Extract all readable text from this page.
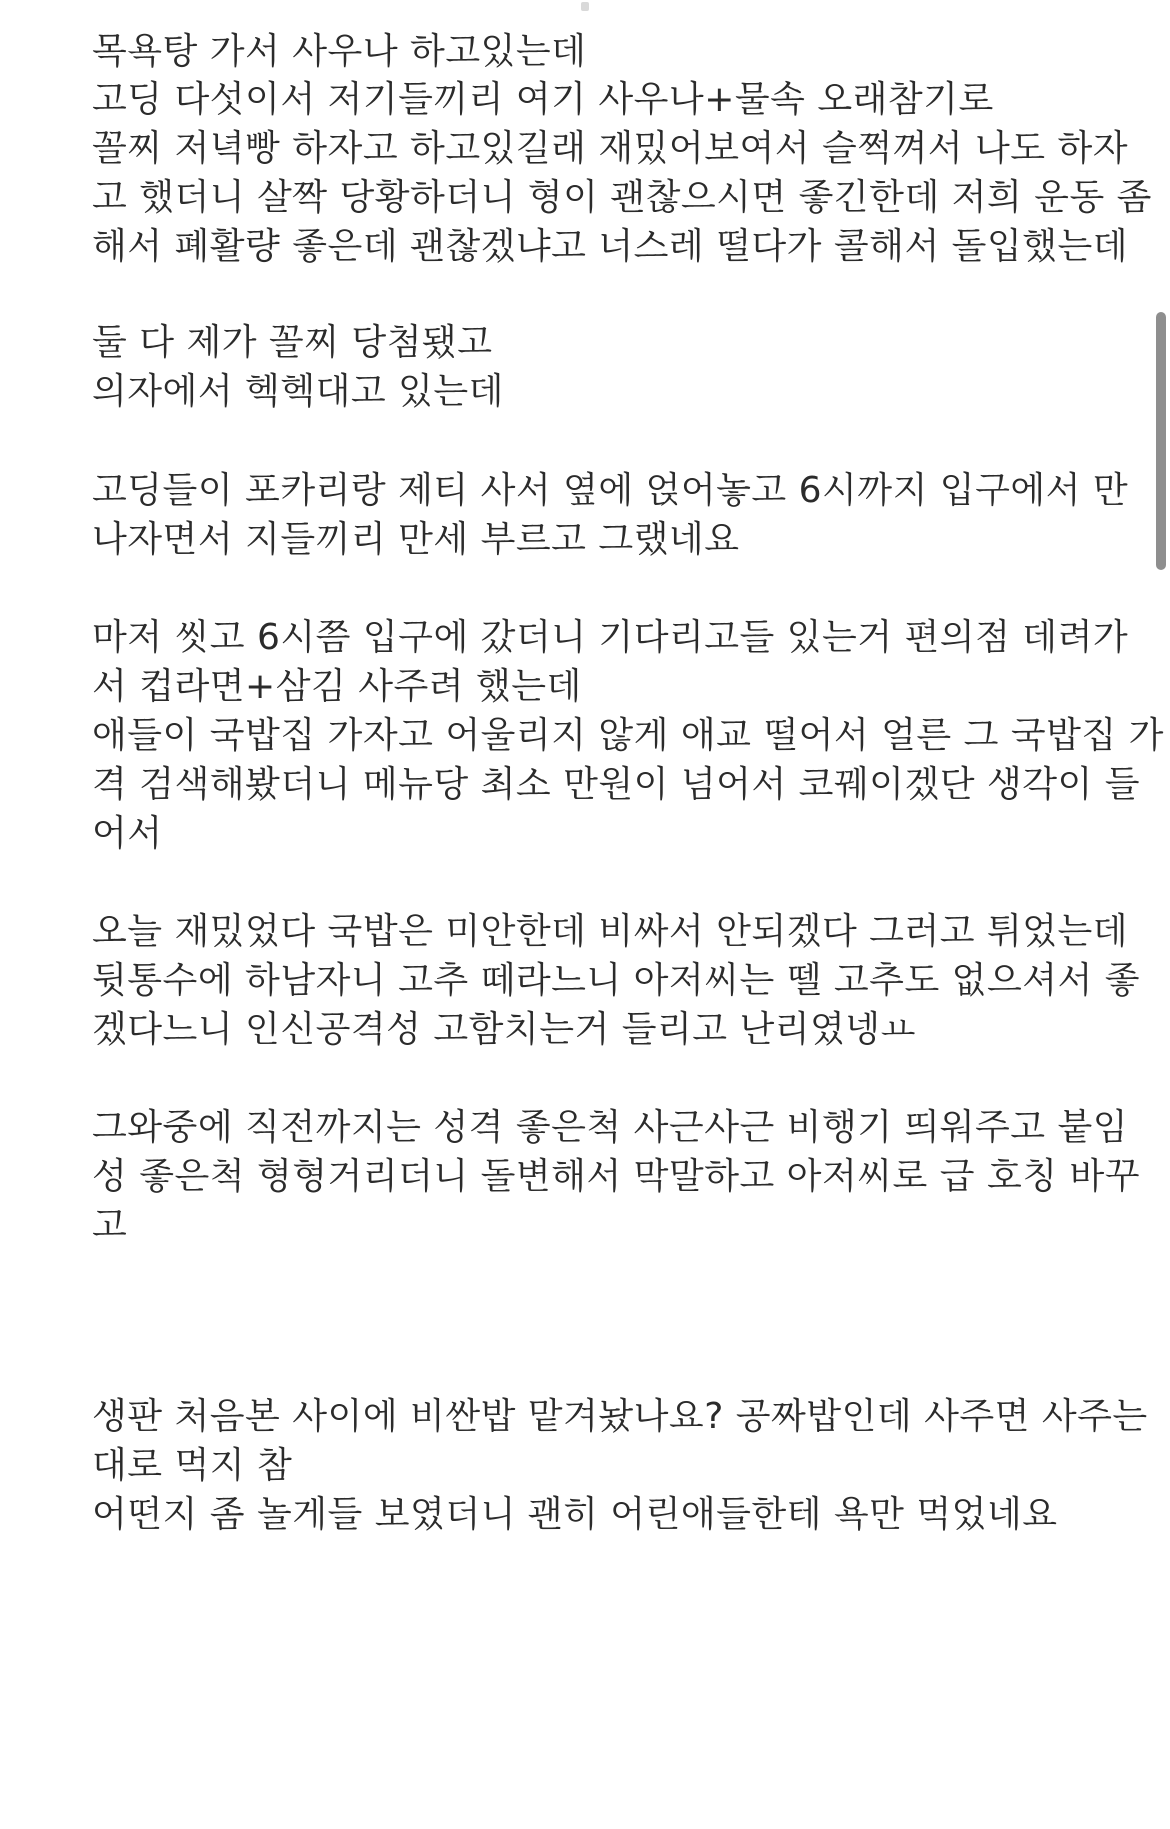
목욕탕 가서 사우나 하고있는데

고딩 다섯이서 저기들끼리 여기 사우나+물속 오래참기로

꼴찌 저녁빵 하자고 하고있길래 재밌어보여서 슬쩍껴서 나도 하자

고 했더니 살짝 당황하더니 형이 괜찮으시면 좋긴한데 저희 운동 좀

해서 폐활량 좋은데 괜찮겠냐고 너스레 떨다가 콜해서 돌입했는데

둘 다 제가 꼴찌 당첨됐고

의자에서 헥헥대고 있는데

고딩들이 포카리랑 제티 사서 옆에 얹어놓고 6시까지 입구에서 만

나자면서 지들끼리 만세 부르고 그랬네요

마저 씻고 6시쯤 입구에 갔더니 기다리고들 있는거 편의점 데려가

서 컵라면+삼김 사주려 했는데

애들이 국밥집 가자고 어울리지 않게 애교 떨어서 얼른 그 국밥집 가

격 검색해봤더니 메뉴당 최소 만원이 넘어서 코꿰이겠단 생각이 들

어서

오늘 재밌었다 국밥은 미안한데 비싸서 안되겠다 그러고 튀었는데

뒷통수에 하남자니 고추 떼라느니 아저씨는 뗄 고추도 없으셔서 좋

겠다느니 인신공격성 고함치는거 들리고 난리였넹ㅛ

그와중에 직전까지는 성격 좋은척 사근사근 비행기 띄워주고 붙임

성 좋은척 형형거리더니 돌변해서 막말하고 아저씨로 급 호칭 바꾸

고

생판 처음본 사이에 비싼밥 맡겨놨나요? 공짜밥인데 사주면 사주는

대로 먹지 참

어떤지 좀 놀게들 보였더니 괜히 어린애들한테 욕만 먹었네요
